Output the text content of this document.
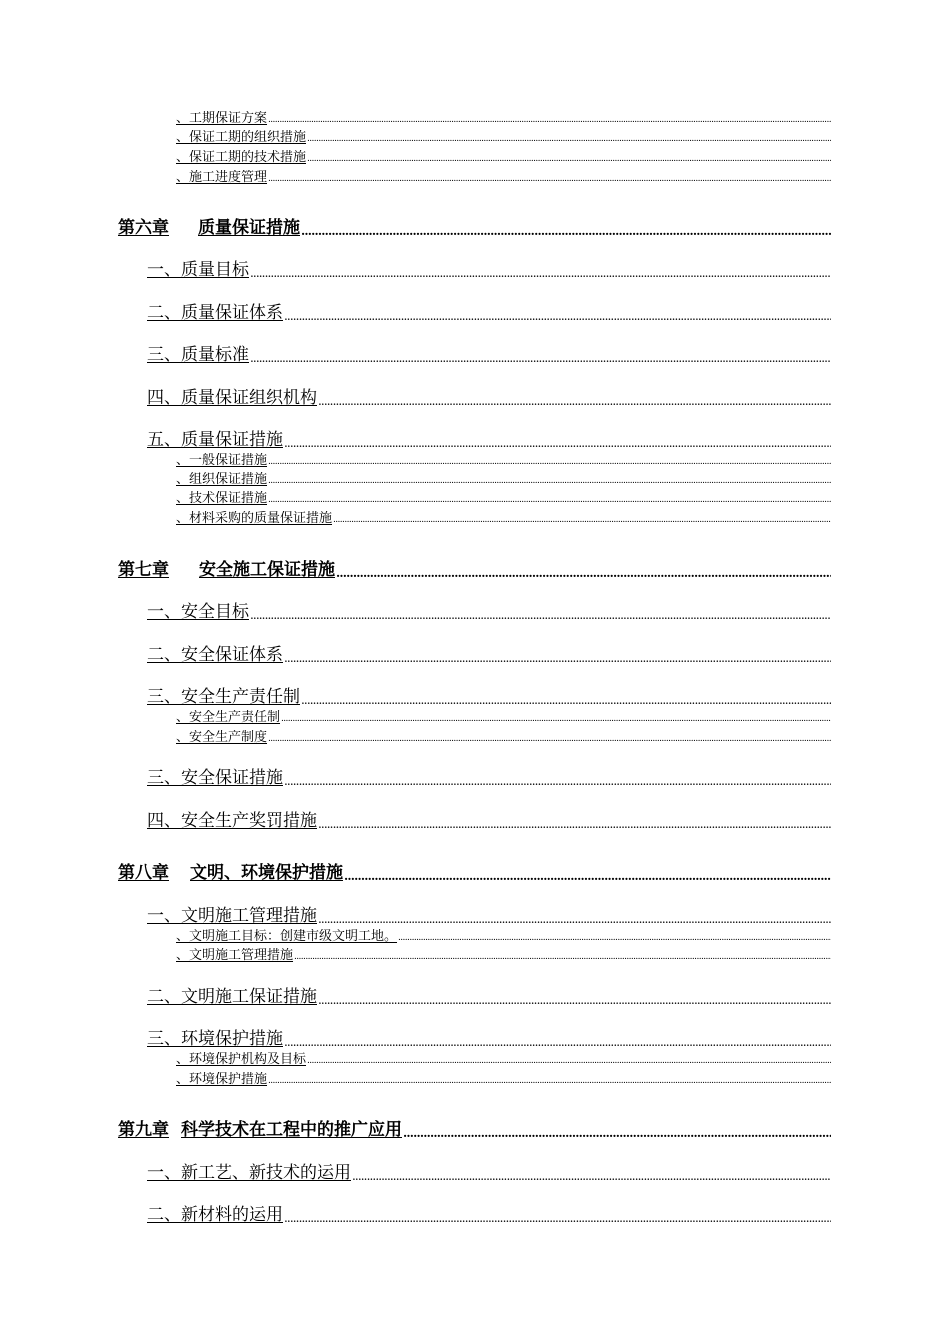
、工期保证方案
.....
、保证工期的组织措施
.....
、保证工期的技术措施
.....
、施工进度管理
.....
第六章 质量保证措施
.....
一、质量目标
.....
二、质量保证体系
.....
三、质量标准
.....
四、质量保证组织机构
.....
五、质量保证措施
.....
、一般保证措施
.....
、组织保证措施
.....
、技术保证措施
.....
、材料采购的质量保证措施
.....
第七章 安全施工保证措施
.....
一、安全目标
.....
二、安全保证体系
.....
三、安全生产责任制
.....
、安全生产责任制
.....
、安全生产制度
.....
三、安全保证措施
.....
四、安全生产奖罚措施
.....
第八章 文明、环境保护措施
.....
一、文明施工管理措施
.....
、文明施工目标：创建市级文明工地。
.....
、文明施工管理措施
.....
二、文明施工保证措施
.....
三、环境保护措施
.....
、环境保护机构及目标
.....
、环境保护措施
.....
第九章 科学技术在工程中的推广应用
.....
一、新工艺、新技术的运用
.....
二、新材料的运用
.....
